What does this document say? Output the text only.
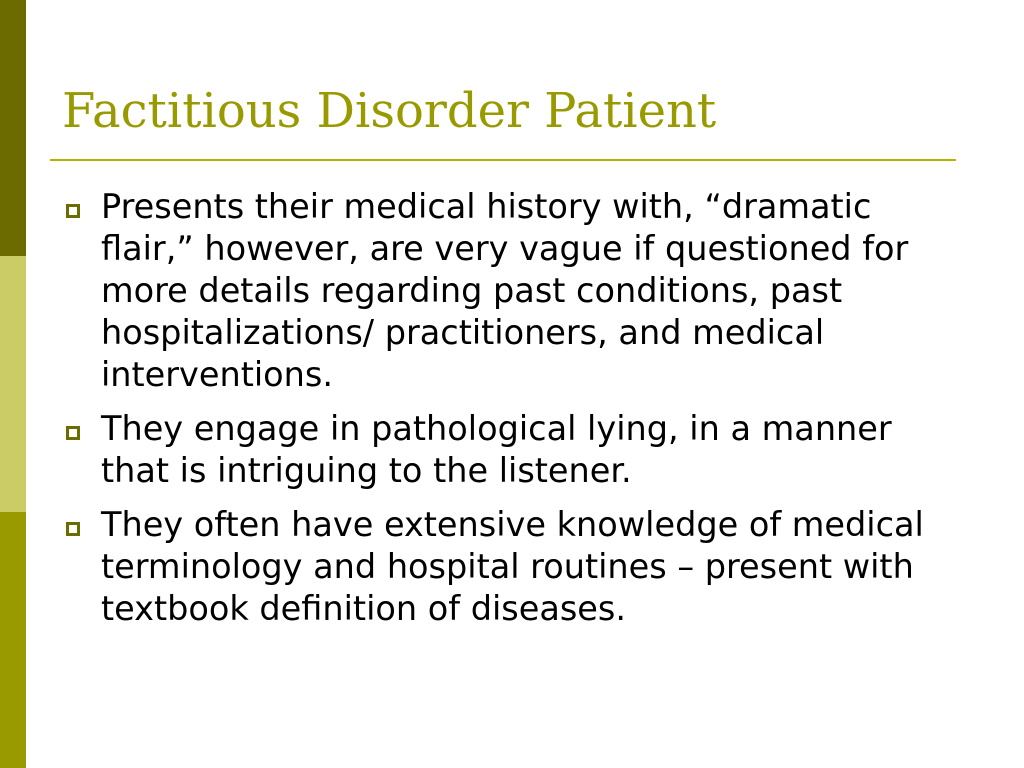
Factitious Disorder Patient
Presents their medical history with, “dramatic flair,” however, are very vague if questioned for more details regarding past conditions, past hospitalizations/ practitioners, and medical interventions.
They engage in pathological lying, in a manner that is intriguing to the listener.
They often have extensive knowledge of medical terminology and hospital routines – present with textbook definition of diseases.
